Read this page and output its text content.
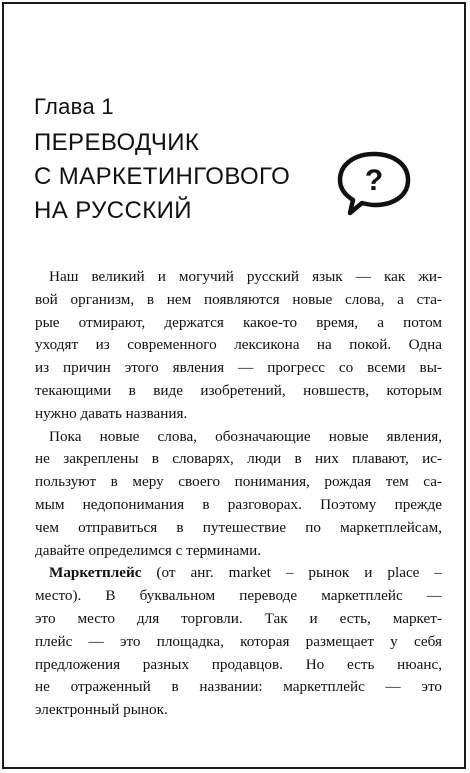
Глава 1
ПЕРЕВОДЧИК
С МАРКЕТИНГОВОГО
НА РУССКИЙ
?
Наш великий и могучий русский язык — как жи-
вой организм, в нем появляются новые слова, а ста-
рые отмирают, держатся какое-то время, а потом
уходят из современного лексикона на покой. Одна
из причин этого явления — прогресс со всеми вы-
текающими в виде изобретений, новшеств, которым
нужно давать названия.
Пока новые слова, обозначающие новые явления,
не закреплены в словарях, люди в них плавают, ис-
пользуют в меру своего понимания, рождая тем са-
мым недопонимания в разговорах. Поэтому прежде
чем отправиться в путешествие по маркетплейсам,
давайте определимся с терминами.
Маркетплейс (от анг. market – рынок и place –
место). В буквальном переводе маркетплейс —
это место для торговли. Так и есть, маркет-
плейс — это площадка, которая размещает у себя
предложения разных продавцов. Но есть нюанс,
не отраженный в названии: маркетплейс — это
электронный рынок.
